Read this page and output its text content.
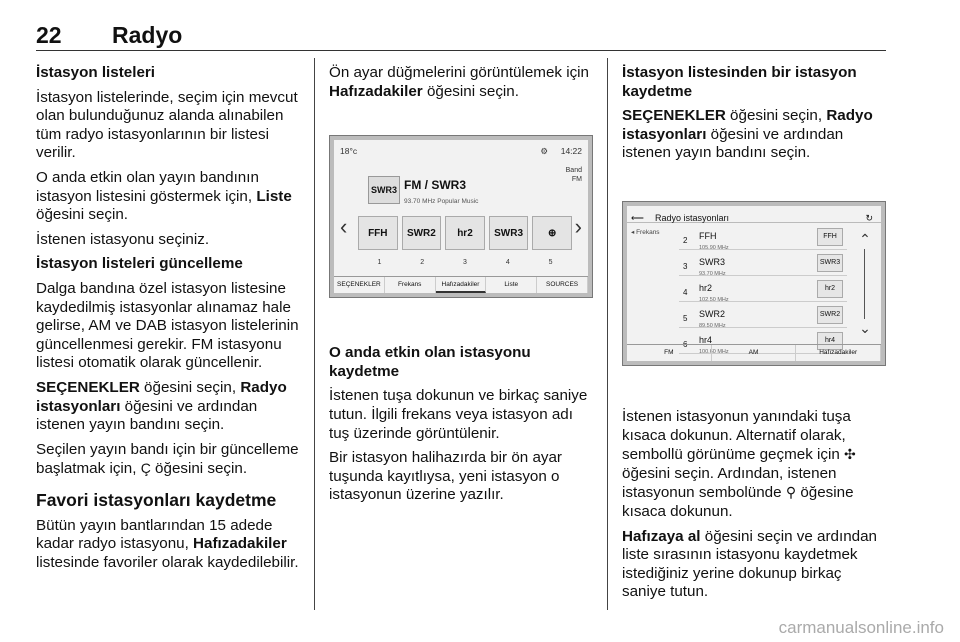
22 Radyo

İstasyon listeleri

İstasyon listelerinde, seçim için mevcut olan bulunduğunuz alanda alınabilen tüm radyo istasyonlarının bir listesi verilir.

O anda etkin olan yayın bandının istasyon listesini göstermek için, Liste öğesini seçin.

İstenen istasyonu seçiniz.

İstasyon listeleri güncelleme

Dalga bandına özel istasyon listesine kaydedilmiş istasyonlar alınamaz hale gelirse, AM ve DAB istasyon listelerinin güncellenmesi gerekir. FM istasyonu listesi otomatik olarak güncellenir.

SEÇENEKLER öğesini seçin, Radyo istasyonları öğesini ve ardından istenen yayın bandını seçin.

Seçilen yayın bandı için bir güncelleme başlatmak için, Ç öğesini seçin.

Favori istasyonları kaydetme

Bütün yayın bantlarından 15 adede kadar radyo istasyonu, Hafızadakiler listesinde favoriler olarak kaydedilebilir.

Ön ayar düğmelerini görüntülemek için Hafızadakiler öğesini seçin.

18°c	⚙ 14:22
SWR3 FM / SWR3
93.70 MHz Popular Music
Band
FM
‹	FFH	SWR2	hr2	SWR3	⊕ ›
1	2	3	4	5
SEÇENEKLER	Frekans	Hafızadakiler	Liste	SOURCES

O anda etkin olan istasyonu kaydetme

İstenen tuşa dokunun ve birkaç saniye tutun. İlgili frekans veya istasyon adı tuş üzerinde görüntülenir.

Bir istasyon halihazırda bir ön ayar tuşunda kayıtlıysa, yeni istasyon o istasyonun üzerine yazılır.

İstasyon listesinden bir istasyon kaydetme

SEÇENEKLER öğesini seçin, Radyo istasyonları öğesini ve ardından istenen yayın bandını seçin.

⟵ Radyo istasyonları	↻
◂ Frekans
2 FFH
105.90 MHz
FFH
3 SWR3
93.70 MHz
SWR3
4 hr2
102.50 MHz
hr2
5 SWR2
89.50 MHz
SWR2
6 hr4
100.60 MHz
hr4
⌃
⌄
FM	AM	Hafızadakiler

İstenen istasyonun yanındaki tuşa kısaca dokunun. Alternatif olarak, sembollü görünüme geçmek için ✣ öğesini seçin. Ardından, istenen istasyonun sembolünde ⚲ öğesine kısaca dokunun.

Hafızaya al öğesini seçin ve ardından liste sırasının istasyonu kaydetmek istediğiniz yerine dokunup birkaç saniye tutun.

carmanualsonline.info
